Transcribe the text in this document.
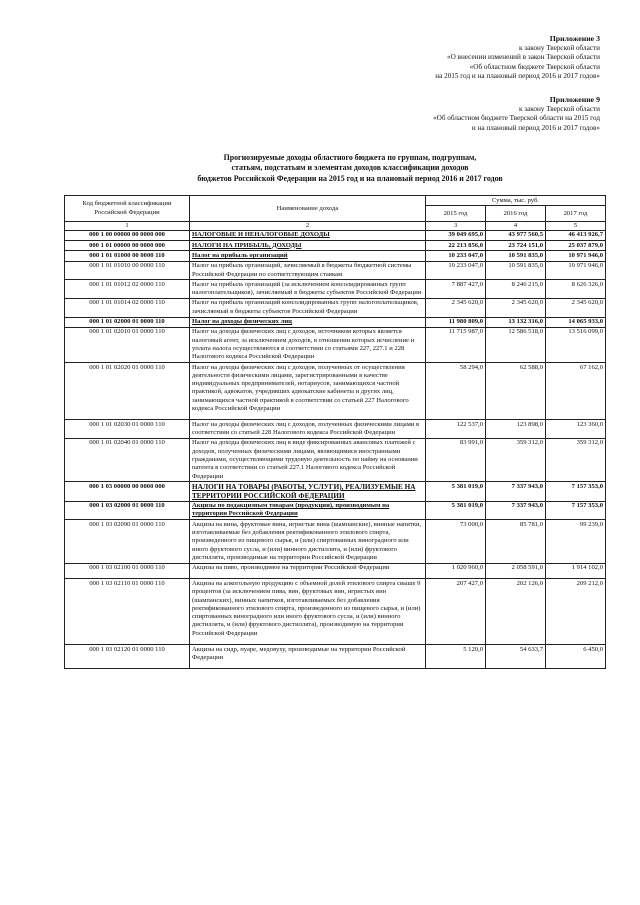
Приложение 3
к закону Тверской области
«О внесении изменений в закон Тверской области
«Об областном бюджете Тверской области
на 2015 год и на плановый период 2016 и 2017 годов»
Приложение 9
к закону Тверской области
«Об областном бюджете Тверской области на 2015 год
и на плановый период 2016 и 2017 годов»
Прогнозируемые доходы областного бюджета по группам, подгруппам,
статьям, подстатьям и элементам доходов классификации доходов
бюджетов Российской Федерации на 2015 год и на плановый период 2016 и 2017 годов
Код бюджетной классификации Российской Федерации	Наименование дохода	Сумма, тыс. руб.		
		2015 год	2016 год	2017 год
1	2	3	4	5
000 1 00 00000 00 0000 000	НАЛОГОВЫЕ И НЕНАЛОГОВЫЕ ДОХОДЫ	39 049 695,0	43 977 560,5	46 413 926,7
000 1 01 00000 00 0000 000	НАЛОГИ НА ПРИБЫЛЬ, ДОХОДЫ	22 213 856,0	23 724 151,0	25 037 879,0
000 1 01 01000 00 0000 110	Налог на прибыль организаций	10 233 047,0	10 591 835,0	10 971 946,0
000 1 01 01010 00 0000 110	Налог на прибыль организаций, зачисляемый в бюджеты бюджетной системы Российской Федерации по соответствующим ставкам	10 233 047,0	10 591 835,0	10 971 946,0
000 1 01 01012 02 0000 110	Налог на прибыль организаций (за исключением консолидированных групп налогоплательщиков), зачисляемый в бюджеты субъектов Российской Федерации	7 887 427,0	8 246 215,0	8 626 326,0
000 1 01 01014 02 0000 110	Налог на прибыль организаций консолидированных групп налогоплательщиков, зачисляемый в бюджеты субъектов Российской Федерации	2 345 620,0	2 345 620,0	2 345 620,0
000 1 01 02000 01 0000 110	Налог на доходы физических лиц	11 980 809,0	13 132 316,0	14 065 933,0
000 1 01 02010 01 0000 110	Налог на доходы физических лиц с доходов, источником которых является налоговый агент, за исключением доходов, в отношении которых исчисление и уплата налога осуществляются в соответствии со статьями 227, 227.1 и 228 Налогового кодекса Российской Федерации	11 715 987,0	12 586 518,0	13 516 099,0
000 1 01 02020 01 0000 110	Налог на доходы физических лиц с доходов, полученных от осуществления деятельности физическими лицами, зарегистрированными в качестве индивидуальных предпринимателей, нотариусов, занимающихся частной практикой, адвокатов, учредивших адвокатские кабинеты и других лиц, занимающихся частной практикой в соответствии со статьей 227 Налогового кодекса Российской Федерации	58 294,0	62 588,0	67 162,0
000 1 01 02030 01 0000 110	Налог на доходы физических лиц с доходов, полученных физическими лицами в соответствии со статьей 228 Налогового кодекса Российской Федерации	122 537,0	123 898,0	123 360,0
000 1 01 02040 01 0000 110	Налог на доходы физических лиц в виде фиксированных авансовых платежей с доходов, полученных физическими лицами, являющимися иностранными гражданами, осуществляющими трудовую деятельность по найму на основании патента в соответствии со статьей 227.1 Налогового кодекса Российской Федерации	83 991,0	359 312,0	359 312,0
000 1 03 00000 00 0000 000	НАЛОГИ НА ТОВАРЫ (РАБОТЫ, УСЛУГИ), РЕАЛИЗУЕМЫЕ НА ТЕРРИТОРИИ РОССИЙСКОЙ ФЕДЕРАЦИИ	5 381 019,0	7 337 943,0	7 157 353,0
000 1 03 02000 01 0000 110	Акцизы по подакцизным товарам (продукции), производимым на территории Российской Федерации	5 381 019,0	7 337 943,0	7 157 353,0
000 1 03 02090 01 0000 110	Акцизы на вина, фруктовые вина, игристые вина (шампанские), винные напитки, изготавливаемые без добавления ректификованного этилового спирта, произведенного из пищевого сырья, и (или) спиртованных виноградного или иного фруктового сусла, и (или) винного дистиллята, и (или) фруктового дистиллята, производимые на территории Российской Федерации	73 000,0	85 781,0	99 239,0
000 1 03 02100 01 0000 110	Акцизы на пиво, производимое на территории Российской Федерации	1 020 960,0	2 058 591,0	1 914 102,0
000 1 03 02110 01 0000 110	Акцизы на алкогольную продукцию с объемной долей этилового спирта свыше 9 процентов (за исключением пива, вин, фруктовых вин, игристых вин (шампанских), винных напитков, изготавливаемых без добавления ректификованного этилового спирта, произведенного из пищевого сырья, и (или) спиртованных виноградного или иного фруктового сусла, и (или) винного дистиллята, и (или) фруктового дистиллята), производимую на территории Российской Федерации	207 427,0	202 126,0	209 212,0
000 1 03 02120 01 0000 110	Акцизы на сидр, пуаре, медовуху, производимые на территории Российской Федерации	5 120,0	54 633,7	6 450,0
